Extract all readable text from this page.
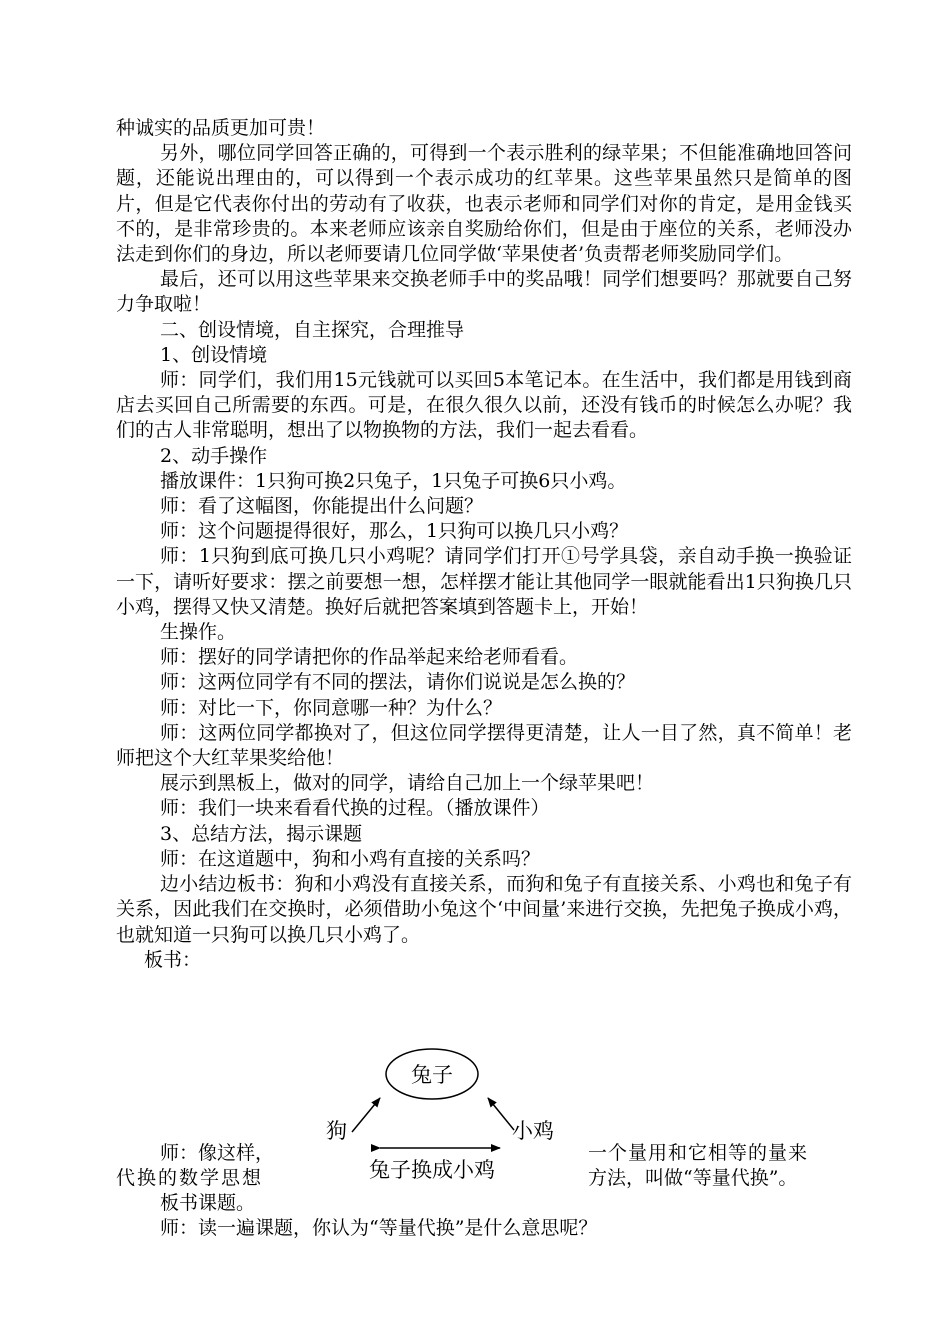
种诚实的品质更加可贵！

另外，哪位同学回答正确的，可得到一个表示胜利的绿苹果；不但能准确地回答问题，还能说出理由的，可以得到一个表示成功的红苹果。这些苹果虽然只是简单的图片，但是它代表你付出的劳动有了收获，也表示老师和同学们对你的肯定，是用金钱买不的，是非常珍贵的。本来老师应该亲自奖励给你们，但是由于座位的关系，老师没办法走到你们的身边，所以老师要请几位同学做‘苹果使者’负责帮老师奖励同学们。

最后，还可以用这些苹果来交换老师手中的奖品哦！同学们想要吗？那就要自己努力争取啦！

二、创设情境，自主探究，合理推导

1、创设情境

师：同学们，我们用15元钱就可以买回5本笔记本。在生活中，我们都是用钱到商店去买回自己所需要的东西。可是，在很久很久以前，还没有钱币的时候怎么办呢？我们的古人非常聪明，想出了以物换物的方法，我们一起去看看。

2、动手操作

播放课件：1只狗可换2只兔子，1只兔子可换6只小鸡。

师：看了这幅图，你能提出什么问题？

师：这个问题提得很好，那么，1只狗可以换几只小鸡？

师：1只狗到底可换几只小鸡呢？请同学们打开①号学具袋，亲自动手换一换验证一下，请听好要求：摆之前要想一想，怎样摆才能让其他同学一眼就能看出1只狗换几只小鸡，摆得又快又清楚。换好后就把答案填到答题卡上，开始！

生操作。

师：摆好的同学请把你的作品举起来给老师看看。

师：这两位同学有不同的摆法，请你们说说是怎么换的？

师：对比一下，你同意哪一种？为什么？

师：这两位同学都换对了，但这位同学摆得更清楚，让人一目了然，真不简单！老师把这个大红苹果奖给他！

展示到黑板上，做对的同学，请给自己加上一个绿苹果吧！

师：我们一块来看看代换的过程。（播放课件）

3、总结方法，揭示课题

师：在这道题中，狗和小鸡有直接的关系吗？

边小结边板书：狗和小鸡没有直接关系，而狗和兔子有直接关系、小鸡也和兔子有关系，因此我们在交换时，必须借助小兔这个‘中间量’来进行交换，先把兔子换成小鸡，也就知道一只狗可以换几只小鸡了。

板书：

兔子
狗	小鸡
兔子换成小鸡
师：像这样，
代换的数学思想
一个量用和它相等的量来
方法，叫做“等量代换”。
板书课题。
师：读一遍课题，你认为“等量代换”是什么意思呢？
